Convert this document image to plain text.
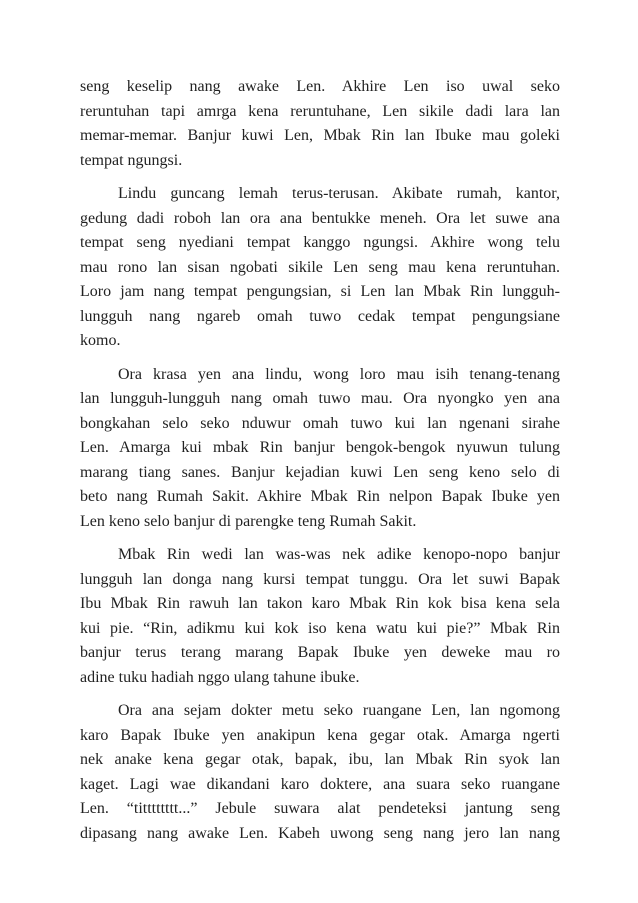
seng keselip nang awake Len. Akhire Len iso uwal seko
reruntuhan tapi amrga kena reruntuhane, Len sikile dadi lara lan
memar-memar. Banjur kuwi Len, Mbak Rin lan Ibuke mau goleki
tempat ngungsi.

Lindu guncang lemah terus-terusan. Akibate rumah, kantor,
gedung dadi roboh lan ora ana bentukke meneh. Ora let suwe ana
tempat seng nyediani tempat kanggo ngungsi. Akhire wong telu
mau rono lan sisan ngobati sikile Len seng mau kena reruntuhan.
Loro jam nang tempat pengungsian, si Len lan Mbak Rin lungguh-
lungguh nang ngareb omah tuwo cedak tempat pengungsiane
komo.

Ora krasa yen ana lindu, wong loro mau isih tenang-tenang
lan lungguh-lungguh nang omah tuwo mau. Ora nyongko yen ana
bongkahan selo seko nduwur omah tuwo kui lan ngenani sirahe
Len. Amarga kui mbak Rin banjur bengok-bengok nyuwun tulung
marang tiang sanes. Banjur kejadian kuwi Len seng keno selo di
beto nang Rumah Sakit. Akhire Mbak Rin nelpon Bapak Ibuke yen
Len keno selo banjur di parengke teng Rumah Sakit.

Mbak Rin wedi lan was-was nek adike kenopo-nopo banjur
lungguh lan donga nang kursi tempat tunggu. Ora let suwi Bapak
Ibu Mbak Rin rawuh lan takon karo Mbak Rin kok bisa kena sela
kui pie. “Rin, adikmu kui kok iso kena watu kui pie?” Mbak Rin
banjur terus terang marang Bapak Ibuke yen deweke mau ro
adine tuku hadiah nggo ulang tahune ibuke.

Ora ana sejam dokter metu seko ruangane Len, lan ngomong
karo Bapak Ibuke yen anakipun kena gegar otak. Amarga ngerti
nek anake kena gegar otak, bapak, ibu, lan Mbak Rin syok lan
kaget. Lagi wae dikandani karo doktere, ana suara seko ruangane
Len. “titttttttt...” Jebule suwara alat pendeteksi jantung seng
dipasang nang awake Len. Kabeh uwong seng nang jero lan nang
